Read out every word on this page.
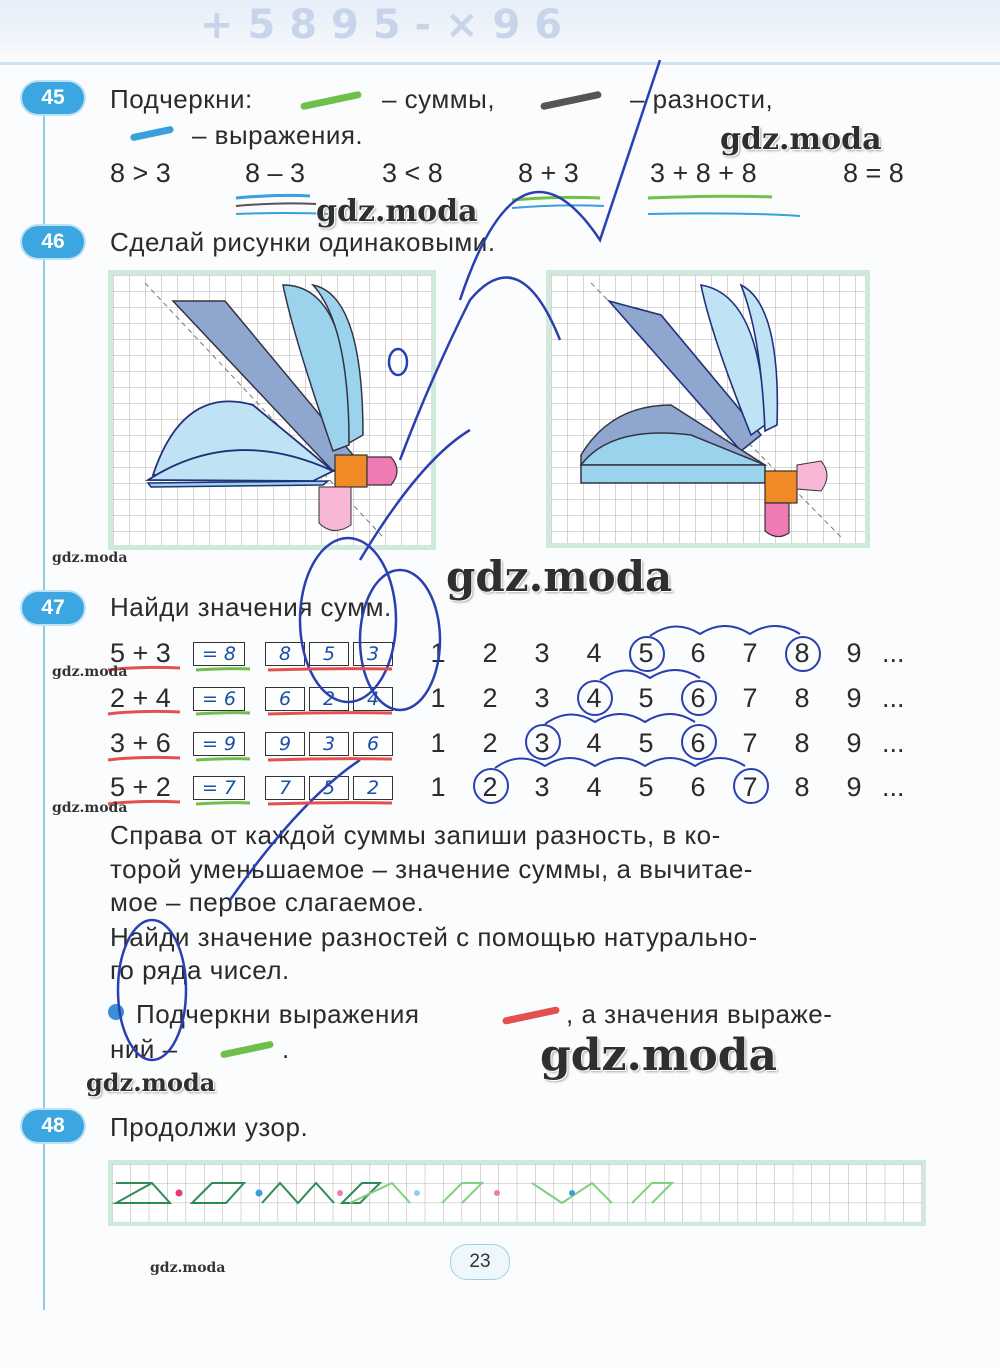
+ 5 8 9 5 - × 9 6
45	Подчеркни:	– суммы,	– разности,
– выражения.
8 > 3	8 – 3	3 < 8	8 + 3	3 + 8 + 8	8 = 8
46	Сделай рисунки одинаковыми.
47	Найди значения сумм.
5 + 3	= 8	8	5	3
2 + 4	= 6	6	2	4
3 + 6	= 9	9	3	6
5 + 2	= 7	7	5	2
1	2	3	4	5	6	7	8	9 ...
1	2	3	4	5	6	7	8	9 ...
1	2	3	4	5	6	7	8	9 ...
1	2	3	4	5	6	7	8	9 ...
Справа от каждой суммы запиши разность, в ко-
торой уменьшаемое – значение суммы, а вычитае-
мое – первое слагаемое.
Найди значение разностей с помощью натурально-
го ряда чисел.
Подчеркни выражения	, а значения выраже-
ний –	.
48	Продолжи узор.
23
gdz.moda
gdz.moda
gdz.moda
gdz.moda
gdz.moda
gdz.moda
gdz.moda
gdz.moda
gdz.moda
